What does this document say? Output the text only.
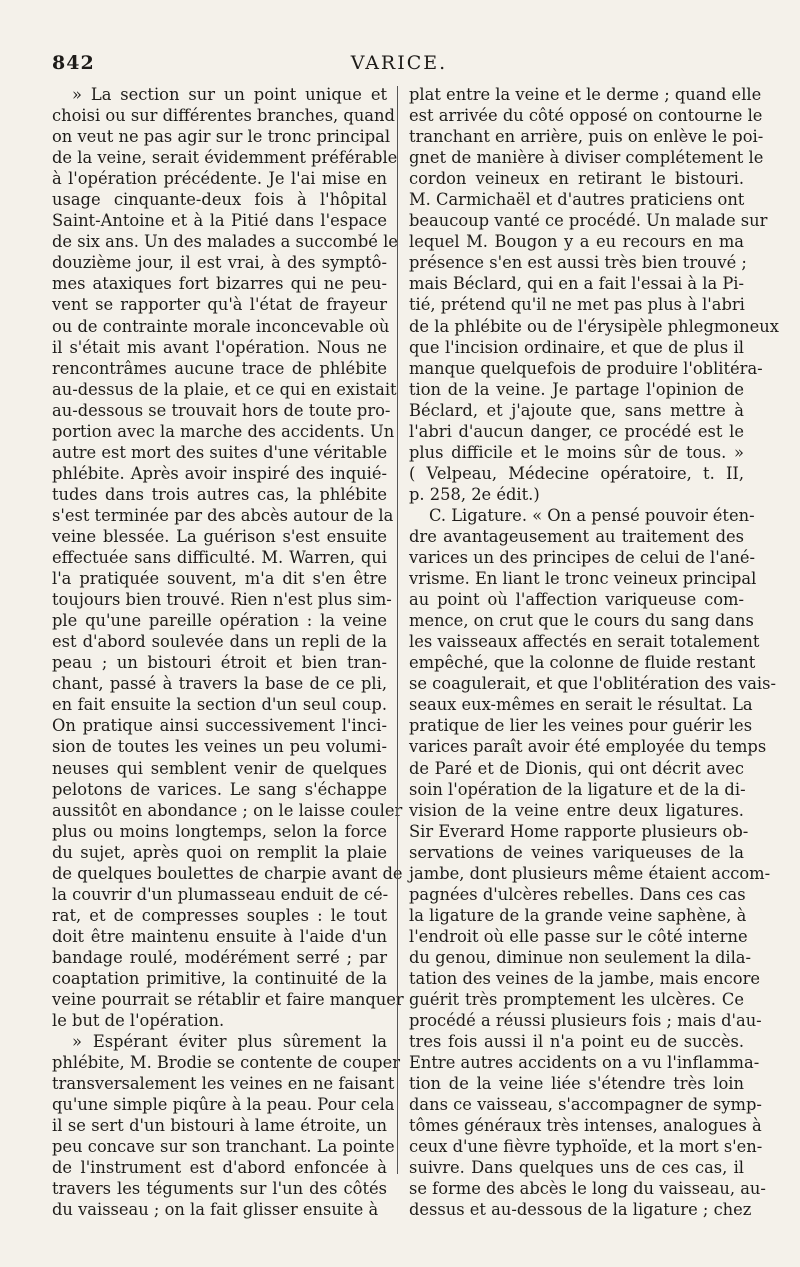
842	VARICE.
» La section sur un point unique et
choisi ou sur différentes branches, quand
on veut ne pas agir sur le tronc principal
de la veine, serait évidemment préférable
à l'opération précédente. Je l'ai mise en
usage cinquante-deux fois à l'hôpital
Saint-Antoine et à la Pitié dans l'espace
de six ans. Un des malades a succombé le
douzième jour, il est vrai, à des symptô-
mes ataxiques fort bizarres qui ne peu-
vent se rapporter qu'à l'état de frayeur
ou de contrainte morale inconcevable où
il s'était mis avant l'opération. Nous ne
rencontrâmes aucune trace de phlébite
au-dessus de la plaie, et ce qui en existait
au-dessous se trouvait hors de toute pro-
portion avec la marche des accidents. Un
autre est mort des suites d'une véritable
phlébite. Après avoir inspiré des inquié-
tudes dans trois autres cas, la phlébite
s'est terminée par des abcès autour de la
veine blessée. La guérison s'est ensuite
effectuée sans difficulté. M. Warren, qui
l'a pratiquée souvent, m'a dit s'en être
toujours bien trouvé. Rien n'est plus sim-
ple qu'une pareille opération : la veine
est d'abord soulevée dans un repli de la
peau ; un bistouri étroit et bien tran-
chant, passé à travers la base de ce pli,
en fait ensuite la section d'un seul coup.
On pratique ainsi successivement l'inci-
sion de toutes les veines un peu volumi-
neuses qui semblent venir de quelques
pelotons de varices. Le sang s'échappe
aussitôt en abondance ; on le laisse couler
plus ou moins longtemps, selon la force
du sujet, après quoi on remplit la plaie
de quelques boulettes de charpie avant de
la couvrir d'un plumasseau enduit de cé-
rat, et de compresses souples : le tout
doit être maintenu ensuite à l'aide d'un
bandage roulé, modérément serré ; par
coaptation primitive, la continuité de la
veine pourrait se rétablir et faire manquer
le but de l'opération.
» Espérant éviter plus sûrement la
phlébite, M. Brodie se contente de couper
transversalement les veines en ne faisant
qu'une simple piqûre à la peau. Pour cela
il se sert d'un bistouri à lame étroite, un
peu concave sur son tranchant. La pointe
de l'instrument est d'abord enfoncée à
travers les téguments sur l'un des côtés
du vaisseau ; on la fait glisser ensuite à
plat entre la veine et le derme ; quand elle
est arrivée du côté opposé on contourne le
tranchant en arrière, puis on enlève le poi-
gnet de manière à diviser complétement le
cordon veineux en retirant le bistouri.
M. Carmichaël et d'autres praticiens ont
beaucoup vanté ce procédé. Un malade sur
lequel M. Bougon y a eu recours en ma
présence s'en est aussi très bien trouvé ;
mais Béclard, qui en a fait l'essai à la Pi-
tié, prétend qu'il ne met pas plus à l'abri
de la phlébite ou de l'érysipèle phlegmoneux
que l'incision ordinaire, et que de plus il
manque quelquefois de produire l'oblitéra-
tion de la veine. Je partage l'opinion de
Béclard, et j'ajoute que, sans mettre à
l'abri d'aucun danger, ce procédé est le
plus difficile et le moins sûr de tous. »
( Velpeau, Médecine opératoire, t. II,
p. 258, 2e édit.)
C. Ligature. « On a pensé pouvoir éten-
dre avantageusement au traitement des
varices un des principes de celui de l'ané-
vrisme. En liant le tronc veineux principal
au point où l'affection variqueuse com-
mence, on crut que le cours du sang dans
les vaisseaux affectés en serait totalement
empêché, que la colonne de fluide restant
se coagulerait, et que l'oblitération des vais-
seaux eux-mêmes en serait le résultat. La
pratique de lier les veines pour guérir les
varices paraît avoir été employée du temps
de Paré et de Dionis, qui ont décrit avec
soin l'opération de la ligature et de la di-
vision de la veine entre deux ligatures.
Sir Everard Home rapporte plusieurs ob-
servations de veines variqueuses de la
jambe, dont plusieurs même étaient accom-
pagnées d'ulcères rebelles. Dans ces cas
la ligature de la grande veine saphène, à
l'endroit où elle passe sur le côté interne
du genou, diminue non seulement la dila-
tation des veines de la jambe, mais encore
guérit très promptement les ulcères. Ce
procédé a réussi plusieurs fois ; mais d'au-
tres fois aussi il n'a point eu de succès.
Entre autres accidents on a vu l'inflamma-
tion de la veine liée s'étendre très loin
dans ce vaisseau, s'accompagner de symp-
tômes généraux très intenses, analogues à
ceux d'une fièvre typhoïde, et la mort s'en-
suivre. Dans quelques uns de ces cas, il
se forme des abcès le long du vaisseau, au-
dessus et au-dessous de la ligature ; chez
